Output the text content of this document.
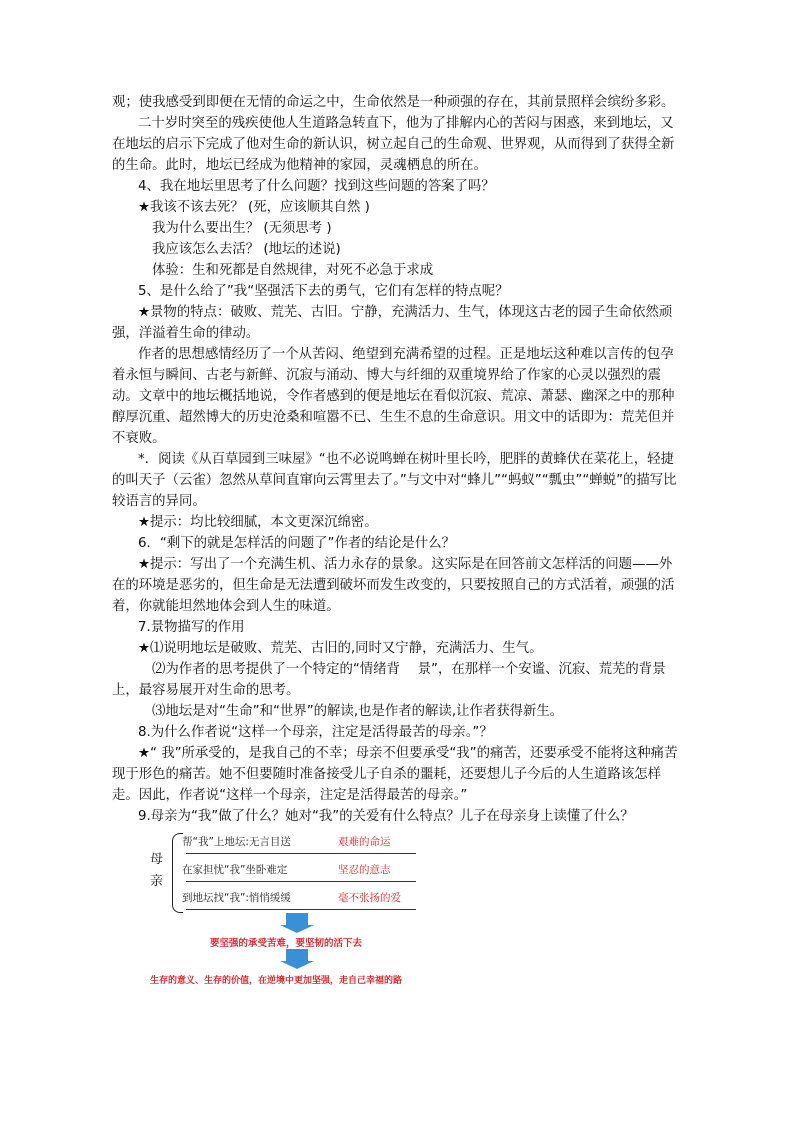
观；使我感受到即便在无情的命运之中，生命依然是一种顽强的存在，其前景照样会缤纷多彩。

二十岁时突至的残疾使他人生道路急转直下，他为了排解内心的苦闷与困惑，来到地坛，又在地坛的启示下完成了他对生命的新认识，树立起自己的生命观、世界观，从而得到了获得全新的生命。此时，地坛已经成为他精神的家园，灵魂栖息的所在。

4、我在地坛里思考了什么问题？找到这些问题的答案了吗？

★我该不该去死？ (死，应该顺其自然 )

我为什么要出生？ (无须思考 )

我应该怎么去活？ (地坛的述说)

体验：生和死都是自然规律，对死不必急于求成

5、是什么给了”我“坚强活下去的勇气，它们有怎样的特点呢？

★景物的特点：破败、荒芜、古旧。宁静，充满活力、生气，体现这古老的园子生命依然顽强，洋溢着生命的律动。

作者的思想感情经历了一个从苦闷、绝望到充满希望的过程。正是地坛这种难以言传的包孕着永恒与瞬间、古老与新鲜、沉寂与涌动、博大与纤细的双重境界给了作家的心灵以强烈的震动。文章中的地坛概括地说，令作者感到的便是地坛在看似沉寂、荒凉、萧瑟、幽深之中的那种醇厚沉重、超然博大的历史沧桑和喧嚣不已、生生不息的生命意识。用文中的话即为：荒芜但并不衰败。

*．阅读《从百草园到三味屋》“也不必说鸣蝉在树叶里长吟，肥胖的黄蜂伏在菜花上，轻捷的叫天子（云雀）忽然从草间直窜向云霄里去了。”与文中对“蜂儿”“蚂蚁”“瓢虫”“蝉蜕”的描写比较语言的异同。

★提示：均比较细腻，本文更深沉绵密。

6．“剩下的就是怎样活的问题了”作者的结论是什么？

★提示：写出了一个充满生机、活力永存的景象。这实际是在回答前文怎样活的问题——外在的环境是恶劣的，但生命是无法遭到破坏而发生改变的，只要按照自己的方式活着，顽强的活着，你就能坦然地体会到人生的味道。

7.景物描写的作用

★⑴说明地坛是破败、荒芜、古旧的,同时又宁静，充满活力、生气。

⑵为作者的思考提供了一个特定的“情绪背　 景”，在那样一个安谧、沉寂、荒芜的背景上，最容易展开对生命的思考。

⑶地坛是对“生命”和“世界”的解读,也是作者的解读,让作者获得新生。

8.为什么作者说“这样一个母亲，注定是活得最苦的母亲。”？

★“ 我”所承受的，是我自己的不幸；母亲不但要承受“我”的痛苦，还要承受不能将这种痛苦现于形色的痛苦。她不但要随时准备接受儿子自杀的噩耗，还要想儿子今后的人生道路该怎样走。因此，作者说“这样一个母亲，注定是活得最苦的母亲。”

9.母亲为“我”做了什么？她对“我”的关爱有什么特点？儿子在母亲身上读懂了什么？

母亲
帮“我”上地坛:无言目送	艰难的命运
在家担忧“我”坐卧难定	坚忍的意志
到地坛找“我”:悄悄缓缓	毫不张扬的爱
要坚强的承受苦难，要坚韧的活下去
生存的意义、生存的价值，在逆境中更加坚强，走自己幸福的路
